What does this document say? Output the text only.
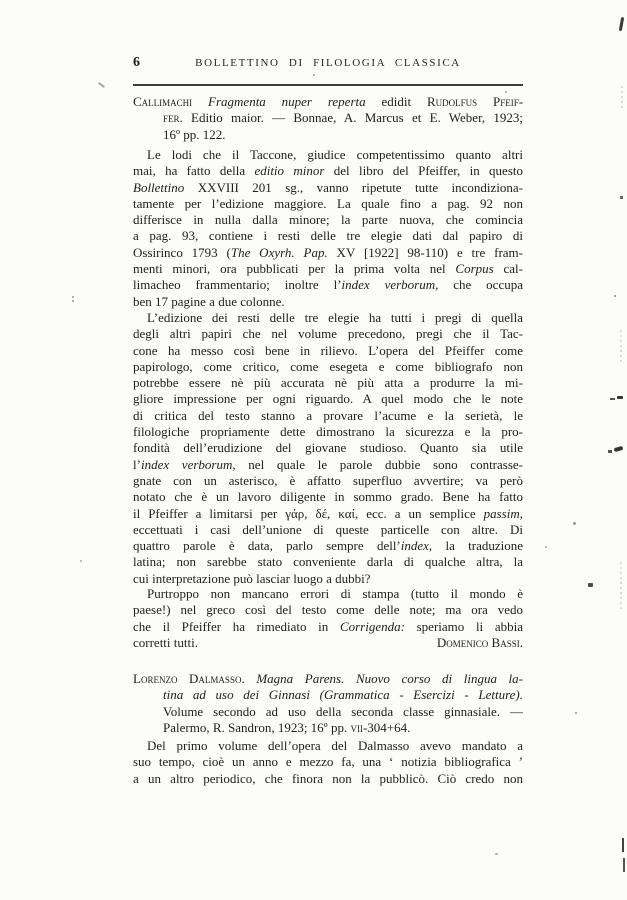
6	BOLLETTINO DI FILOLOGIA CLASSICA
Callimachi Fragmenta nuper reperta edidit Rudolfus Pfeif-
fer. Editio maior. — Bonnae, A. Marcus et E. Weber, 1923;
16º pp. 122.
Le lodi che il Taccone, giudice competentissimo quanto altri
mai, ha fatto della editio minor del libro del Pfeiffer, in questo
Bollettino XXVIII 201 sg., vanno ripetute tutte incondiziona-
tamente per l’edizione maggiore. La quale fino a pag. 92 non
differisce in nulla dalla minore; la parte nuova, che comincia
a pag. 93, contiene i resti delle tre elegie dati dal papiro di
Ossirinco 1793 (The Oxyrh. Pap. XV [1922] 98-110) e tre fram-
menti minori, ora pubblicati per la prima volta nel Corpus cal-
limacheo frammentario; inoltre l’index verborum, che occupa
ben 17 pagine a due colonne.
L’edizione dei resti delle tre elegie ha tutti i pregi di quella
degli altri papiri che nel volume precedono, pregi che il Tac-
cone ha messo così bene in rilievo. L’opera del Pfeiffer come
papirologo, come critico, come esegeta e come bibliografo non
potrebbe essere nè più accurata nè più atta a produrre la mi-
gliore impressione per ogni riguardo. A quel modo che le note
di critica del testo stanno a provare l’acume e la serietà, le
filologiche propriamente dette dimostrano la sicurezza e la pro-
fondità dell’erudizione del giovane studioso. Quanto sia utile
l’index verborum, nel quale le parole dubbie sono contrasse-
gnate con un asterisco, è affatto superfluo avvertire; va però
notato che è un lavoro diligente in sommo grado. Bene ha fatto
il Pfeiffer a limitarsi per γάρ, δέ, καί, ecc. a un semplice passim,
eccettuati i casi dell’unione di queste particelle con altre. Di
quattro parole è data, parlo sempre dell’index, la traduzione
latina; non sarebbe stato conveniente darla di qualche altra, la
cui interpretazione può lasciar luogo a dubbi?
Purtroppo non mancano errori di stampa (tutto il mondo è
paese!) nel greco così del testo come delle note; ma ora vedo
che il Pfeiffer ha rimediato in Corrigenda: speriamo li abbia
corretti tutti.	Domenico Bassi.
Lorenzo Dalmasso. Magna Parens. Nuovo corso di lingua la-
tina ad uso dei Ginnasi (Grammatica - Esercizi - Letture).
Volume secondo ad uso della seconda classe ginnasiale. —
Palermo, R. Sandron, 1923; 16º pp. vii-304+64.
Del primo volume dell’opera del Dalmasso avevo mandato a
suo tempo, cioè un anno e mezzo fa, una ‘ notizia bibliografica ’
a un altro periodico, che finora non la pubblicò. Ciò credo non
